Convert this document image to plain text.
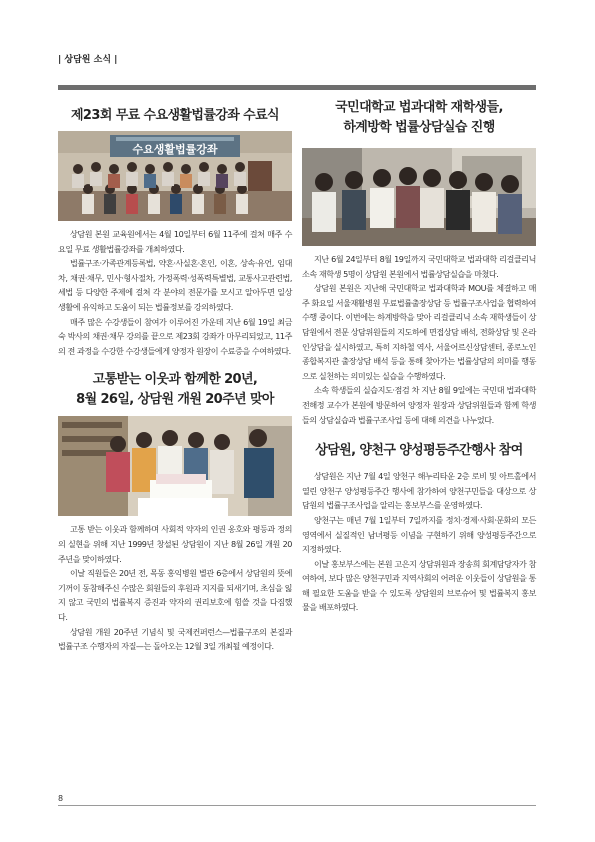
| 상담원 소식 |
제23회 무료 수요생활법률강좌 수료식
수요생활법률강좌

상담원 본원 교육원에서는 4월 10일부터 6월 11주에 걸쳐 매주 수요일 무료 생활법률강좌를 개최하였다.

법률구조·가족관계등록법, 약혼·사실혼·혼인, 이혼, 상속·유언, 임대차, 채권·채무, 민사·형사절차, 가정폭력·성폭력특별법, 교통사고관련법, 세법 등 다양한 주제에 걸쳐 각 분야의 전문가를 모시고 알아두면 일상생활에 유익하고 도움이 되는 법률정보를 강의하였다.

매주 많은 수강생들이 참여가 이루어진 가운데 지난 6월 19일 최금숙 박사의 채권·채무 강의를 끝으로 제23회 강좌가 마무리되었고, 11주의 전 과정을 수강한 수강생들에게 양정자 원장이 수료증을 수여하였다.

고통받는 이웃과 함께한 20년,
8월 26일, 상담원 개원 20주년 맞아

고통 받는 이웃과 함께하며 사회적 약자의 인권 옹호와 평등과 정의의 실현을 위해 지난 1999년 창설된 상담원이 지난 8월 26일 개원 20주년을 맞이하였다.

이날 직원들은 20년 전, 목동 홍익병원 별관 6층에서 상담원의 뜻에 기꺼이 동참해주신 수많은 회원들의 후원과 지지를 되새기며, 초심을 잃지 않고 국민의 법률복지 증진과 약자의 권리보호에 힘쓸 것을 다짐했다.

상담원 개원 20주년 기념식 및 국제컨퍼런스—법률구조의 본질과 법률구조 수행자의 자질—는 돌아오는 12월 3일 개최될 예정이다.

국민대학교 법과대학 재학생들,
하계방학 법률상담실습 진행

지난 6월 24일부터 8월 19일까지 국민대학교 법과대학 리걸클리닉 소속 재학생 5명이 상담원 본원에서 법률상담실습을 마쳤다.

상담원 본원은 지난해 국민대학교 법과대학과 MOU를 체결하고 매주 화요일 서울재활병원 무료법률출장상담 등 법률구조사업을 협력하여 수행 중이다. 이번에는 하계방학을 맞아 리걸클리닉 소속 재학생들이 상담원에서 전문 상담위원들의 지도하에 면접상담 배석, 전화상담 및 온라인상담을 실시하였고, 특히 지하철 역사, 서울어르신상담센터, 종로노인종합복지관 출장상담 배석 등을 통해 찾아가는 법률상담의 의미를 행동으로 실천하는 의미있는 실습을 수행하였다.

소속 학생들의 실습지도·점검 차 지난 8월 9일에는 국민대 법과대학 전해정 교수가 본원에 방문하여 양정자 원장과 상담위원들과 함께 학생들의 상담실습과 법률구조사업 등에 대해 의견을 나누었다.

상담원, 양천구 양성평등주간행사 참여

상담원은 지난 7월 4일 양천구 해누리타운 2층 로비 및 아트홀에서 열린 양천구 양성평등주간 행사에 참가하여 양천구민들을 대상으로 상담원의 법률구조사업을 알리는 홍보부스를 운영하였다.

양천구는 매년 7월 1일부터 7일까지를 정치·경제·사회·문화의 모든 영역에서 실질적인 남녀평등 이념을 구현하기 위해 양성평등주간으로 지정하였다.

이날 홍보부스에는 본원 고은지 상담위원과 장송희 회계담당자가 참여하여, 보다 많은 양천구민과 지역사회의 어려운 이웃들이 상담원을 통해 필요한 도움을 받을 수 있도록 상담원의 브로슈어 및 법률복지 홍보물을 배포하였다.

8
